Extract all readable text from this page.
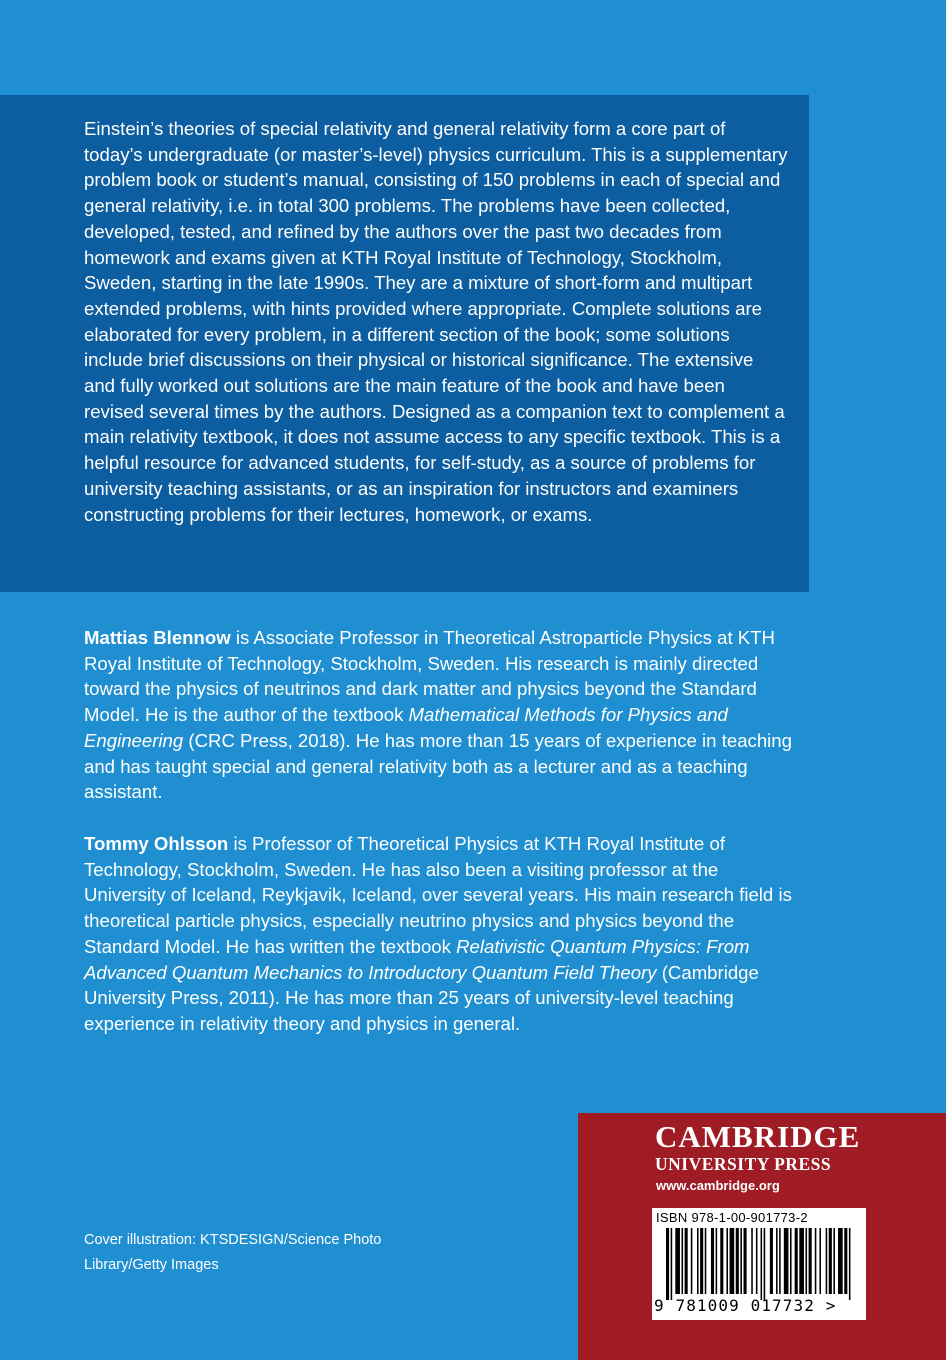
Einstein’s theories of special relativity and general relativity form a core part of today’s undergraduate (or master’s-level) physics curriculum. This is a supplementary problem book or student’s manual, consisting of 150 problems in each of special and general relativity, i.e. in total 300 problems. The problems have been collected, developed, tested, and refined by the authors over the past two decades from homework and exams given at KTH Royal Institute of Technology, Stockholm, Sweden, starting in the late 1990s. They are a mixture of short-form and multipart extended problems, with hints provided where appropriate. Complete solutions are elaborated for every problem, in a different section of the book; some solutions include brief discussions on their physical or historical significance. The extensive and fully worked out solutions are the main feature of the book and have been revised several times by the authors. Designed as a companion text to complement a main relativity textbook, it does not assume access to any specific textbook. This is a helpful resource for advanced students, for self-study, as a source of problems for university teaching assistants, or as an inspiration for instructors and examiners constructing problems for their lectures, homework, or exams.

Mattias Blennow is Associate Professor in Theoretical Astroparticle Physics at KTH Royal Institute of Technology, Stockholm, Sweden. His research is mainly directed toward the physics of neutrinos and dark matter and physics beyond the Standard Model. He is the author of the textbook Mathematical Methods for Physics and Engineering (CRC Press, 2018). He has more than 15 years of experience in teaching and has taught special and general relativity both as a lecturer and as a teaching assistant.

Tommy Ohlsson is Professor of Theoretical Physics at KTH Royal Institute of Technology, Stockholm, Sweden. He has also been a visiting professor at the University of Iceland, Reykjavik, Iceland, over several years. His main research field is theoretical particle physics, especially neutrino physics and physics beyond the Standard Model. He has written the textbook Relativistic Quantum Physics: From Advanced Quantum Mechanics to Introductory Quantum Field Theory (Cambridge University Press, 2011). He has more than 25 years of university-level teaching experience in relativity theory and physics in general.

Cover illustration: KTSDESIGN/Science Photo
Library/Getty Images
CAMBRIDGE
UNIVERSITY PRESS
www.cambridge.org
ISBN 978-1-00-901773-2
9 781009 017732 >
